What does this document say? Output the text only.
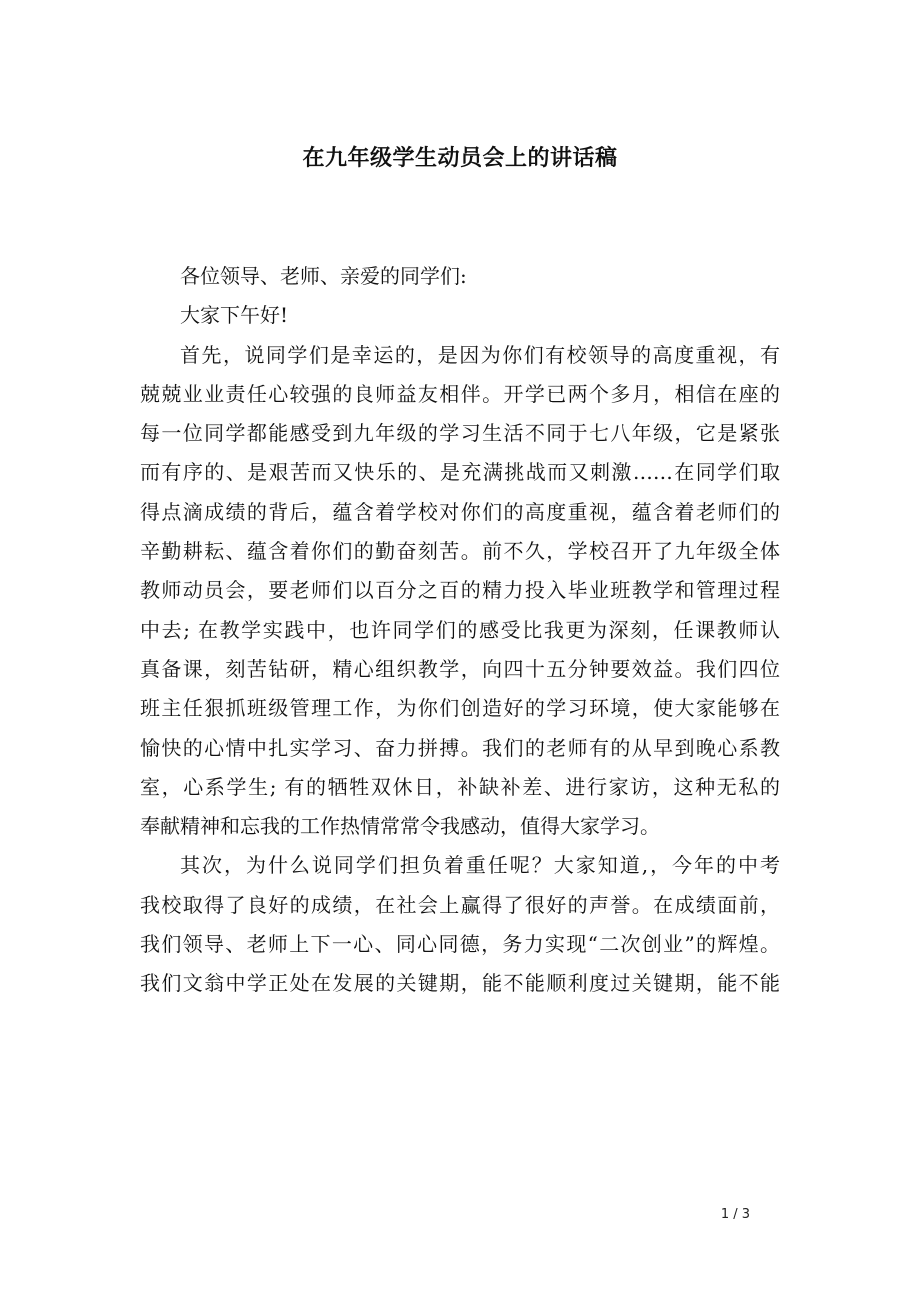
在九年级学生动员会上的讲话稿

各位领导、老师、亲爱的同学们:

大家下午好!

首先，说同学们是幸运的，是因为你们有校领导的高度重视，有
兢兢业业责任心较强的良师益友相伴。开学已两个多月，相信在座的
每一位同学都能感受到九年级的学习生活不同于七八年级，它是紧张
而有序的、是艰苦而又快乐的、是充满挑战而又刺激……在同学们取
得点滴成绩的背后，蕴含着学校对你们的高度重视，蕴含着老师们的
辛勤耕耘、蕴含着你们的勤奋刻苦。前不久，学校召开了九年级全体
教师动员会，要老师们以百分之百的精力投入毕业班教学和管理过程
中去; 在教学实践中，也许同学们的感受比我更为深刻，任课教师认
真备课，刻苦钻研，精心组织教学，向四十五分钟要效益。我们四位
班主任狠抓班级管理工作，为你们创造好的学习环境，使大家能够在
愉快的心情中扎实学习、奋力拼搏。我们的老师有的从早到晚心系教
室，心系学生; 有的牺牲双休日，补缺补差、进行家访，这种无私的
奉献精神和忘我的工作热情常常令我感动，值得大家学习。
其次，为什么说同学们担负着重任呢？大家知道,，今年的中考
我校取得了良好的成绩，在社会上赢得了很好的声誉。在成绩面前，
我们领导、老师上下一心、同心同德，务力实现“二次创业”的辉煌。
我们文翁中学正处在发展的关键期，能不能顺利度过关键期，能不能
1 / 3
